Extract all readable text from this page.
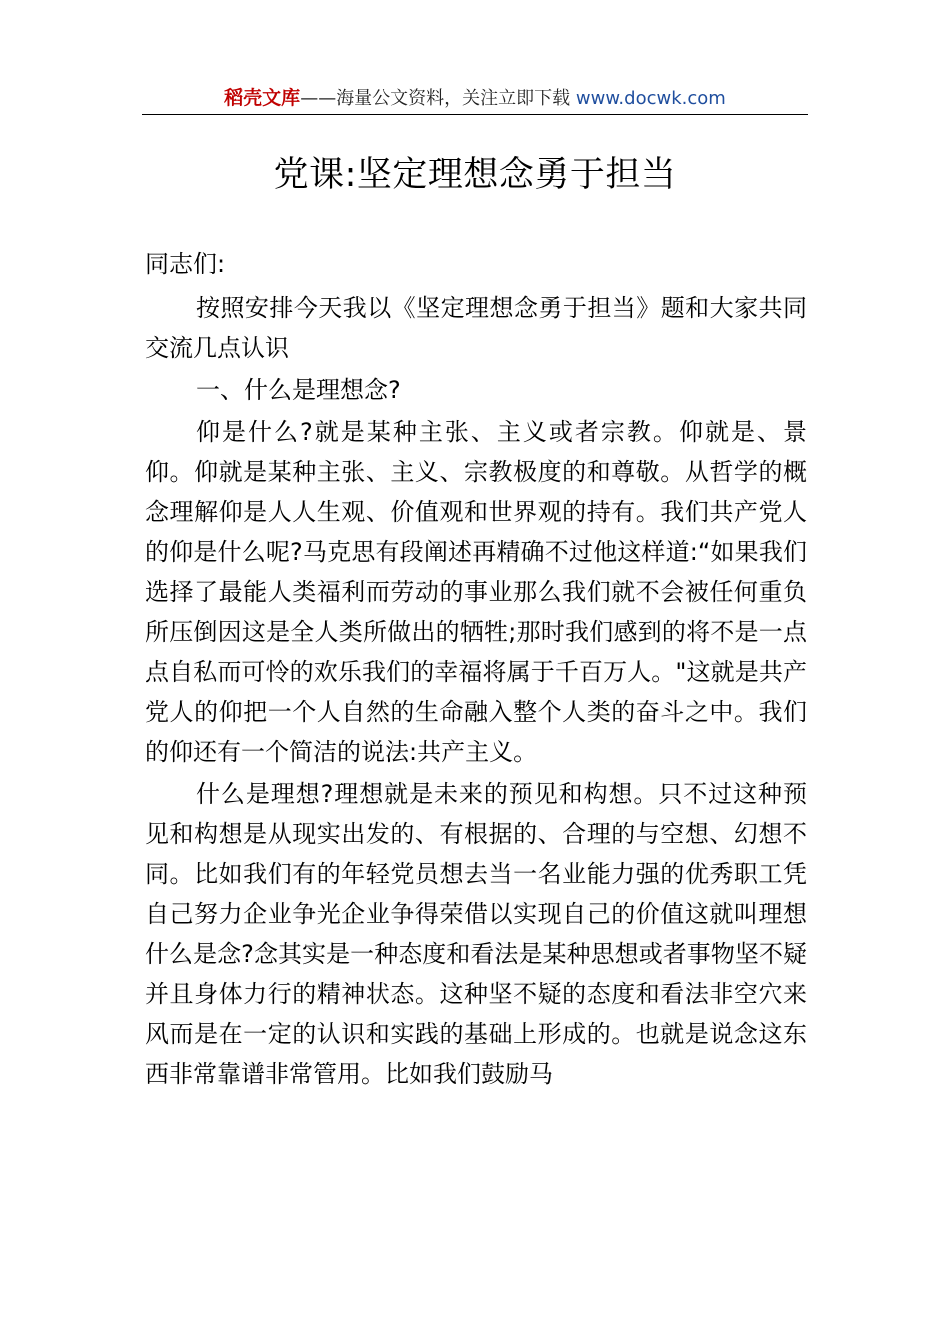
稻壳文库——海量公文资料，关注立即下载 www.docwk.com
党课:坚定理想念勇于担当

同志们:

按照安排今天我以《坚定理想念勇于担当》题和大家共同交流几点认识

一、什么是理想念?

仰是什么?就是某种主张、主义或者宗教。仰就是、景仰。仰就是某种主张、主义、宗教极度的和尊敬。从哲学的概念理解仰是人人生观、价值观和世界观的持有。我们共产党人的仰是什么呢?马克思有段阐述再精确不过他这样道:“如果我们选择了最能人类福利而劳动的事业那么我们就不会被任何重负所压倒因这是全人类所做出的牺牲;那时我们感到的将不是一点点自私而可怜的欢乐我们的幸福将属于千百万人。"这就是共产党人的仰把一个人自然的生命融入整个人类的奋斗之中。我们的仰还有一个简洁的说法:共产主义。

什么是理想?理想就是未来的预见和构想。只不过这种预见和构想是从现实出发的、有根据的、合理的与空想、幻想不同。比如我们有的年轻党员想去当一名业能力强的优秀职工凭自己努力企业争光企业争得荣借以实现自己的价值这就叫理想什么是念?念其实是一种态度和看法是某种思想或者事物坚不疑并且身体力行的精神状态。这种坚不疑的态度和看法非空穴来风而是在一定的认识和实践的基础上形成的。也就是说念这东西非常靠谱非常管用。比如我们鼓励马
